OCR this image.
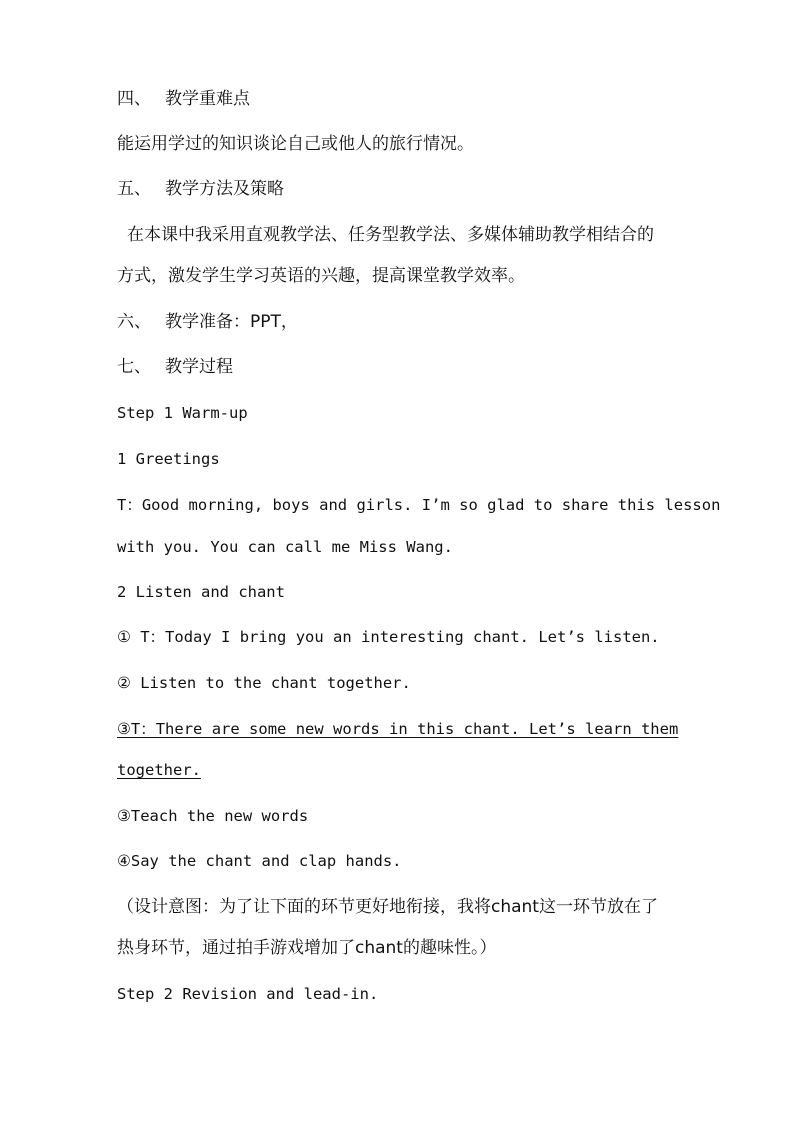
四、 教学重难点
能运用学过的知识谈论自己或他人的旅行情况。
五、 教学方法及策略
在本课中我采用直观教学法、任务型教学法、多媒体辅助教学相结合的
方式，激发学生学习英语的兴趣，提高课堂教学效率。
六、 教学准备：PPT，
七、 教学过程
Step 1 Warm-up
1 Greetings
T：Good morning, boys and girls. I’m so glad to share this lesson
with you. You can call me Miss Wang.
2 Listen and chant
① T：Today I bring you an interesting chant. Let’s listen.
② Listen to the chant together.
③T：There are some new words in this chant. Let’s learn them
together.
③Teach the new words
④Say the chant and clap hands.
（设计意图：为了让下面的环节更好地衔接，我将chant这一环节放在了
热身环节，通过拍手游戏增加了chant的趣味性。）
Step 2 Revision and lead-in.
